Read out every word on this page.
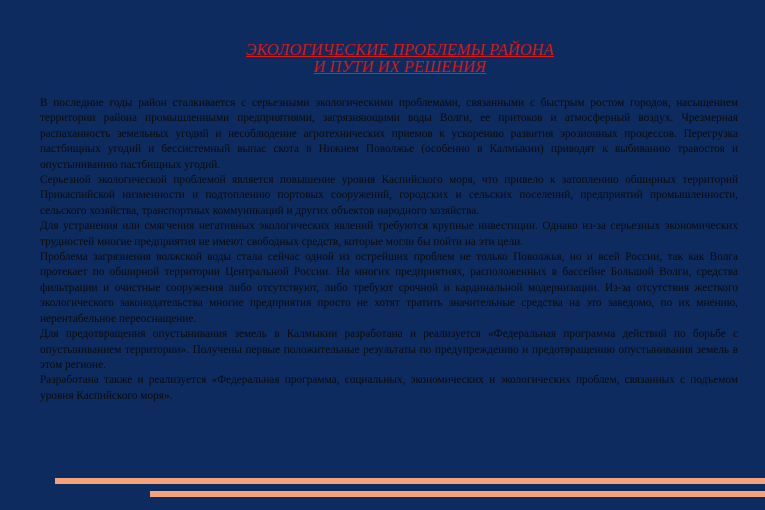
ЭКОЛОГИЧЕСКИЕ ПРОБЛЕМЫ РАЙОНА
И ПУТИ ИХ РЕШЕНИЯ

В последние годы район сталкивается с серьезными экологическими проблемами, связанными с быстрым ростом городов, насыщением территории района промышленными предприятиями, загрязняющими воды Волги, ее притоков и атмосферный воздух. Чрезмерная распаханность земельных угодий и несоблюдение агротехнических приемов к ускорению развития эрозионных процессов. Перегрузка пастбищных угодий и бессистемный выпас скота в Нижнем Поволжье (особенно в Калмыкии) приводят к выбиванию травостоя и опустыниванию пастбищных угодий.

Серьезной экологической проблемой является повышение уровня Каспийского моря, что привело к затоплению обширных территорий Прикаспийской низменности и подтоплению портовых сооружений, городских и сельских поселений, предприятий промышленности, сельского хозяйства, транспортных коммуникаций и других объектов народного хозяйства.

Для устранения или смягчения негативных экологических явлений требуются крупные инвестиции. Однако из-за серьезных экономических трудностей многие предприятия не имеют свободных средств, которые могли бы пойти на эти цели.

Проблема загрязнения волжской воды стала сейчас одной из острейших проблем не только Поволжья, но и всей России, так как Волга протекает по обширной территории Центральной России. На многих предприятиях, расположенных в бассейне Большой Волги, средства фильтрации и очистные сооружения либо отсутствуют, либо требуют срочной и кардинальной модернизации. Из-за отсутствия жесткого экологического законодательства многие предприятия просто не хотят тратить значительные средства на это заведомо, по их мнению, нерентабельное переоснащение.

Для предотвращения опустынивания земель в Калмыкии разработана и реализуется «Федеральная программа действий по борьбе с опустыниванием территории». Получены первые положительные результаты по предупреждению и предотвращению опустынивания земель в этом регионе.

Разработана также и реализуется «Федеральная программа, социальных, экономических и экологических проблем, связанных с подъемом уровня Каспийского моря».
